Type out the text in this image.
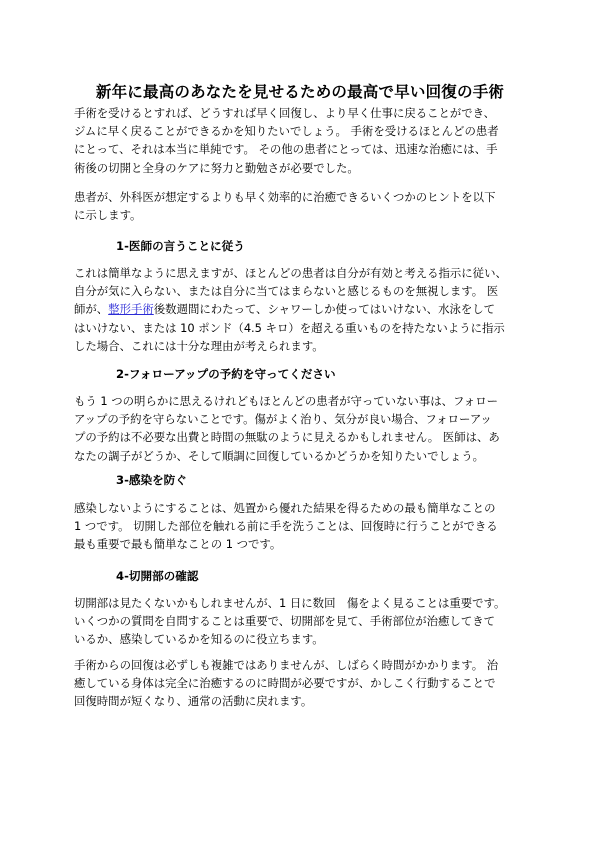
新年に最高のあなたを見せるための最高で早い回復の手術

手術を受けるとすれば、どうすれば早く回復し、より早く仕事に戻ることができ、
ジムに早く戻ることができるかを知りたいでしょう。 手術を受けるほとんどの患者
にとって、それは本当に単純です。 その他の患者にとっては、迅速な治癒には、手
術後の切開と全身のケアに努力と勤勉さが必要でした。

患者が、外科医が想定するよりも早く効率的に治癒できるいくつかのヒントを以下
に示します。

1-医師の言うことに従う

これは簡単なように思えますが、ほとんどの患者は自分が有効と考える指示に従い、
自分が気に入らない、または自分に当てはまらないと感じるものを無視します。 医
師が、整形手術後数週間にわたって、シャワーしか使ってはいけない、水泳をして
はいけない、または 10 ポンド（4.5 キロ）を超える重いものを持たないように指示
した場合、これには十分な理由が考えられます。

2-フォローアップの予約を守ってください

もう 1 つの明らかに思えるけれどもほとんどの患者が守っていない事は、フォロー
アップの予約を守らないことです。傷がよく治り、気分が良い場合、フォローアッ
プの予約は不必要な出費と時間の無駄のように見えるかもしれません。 医師は、あ
なたの調子がどうか、そして順調に回復しているかどうかを知りたいでしょう。

3-感染を防ぐ

感染しないようにすることは、処置から優れた結果を得るための最も簡単なことの
1 つです。 切開した部位を触れる前に手を洗うことは、回復時に行うことができる
最も重要で最も簡単なことの 1 つです。

4-切開部の確認

切開部は見たくないかもしれませんが、1 日に数回　傷をよく見ることは重要です。
いくつかの質問を自問することは重要で、切開部を見て、手術部位が治癒してきて
いるか、感染しているかを知るのに役立ちます。

手術からの回復は必ずしも複雑ではありませんが、しばらく時間がかかります。 治
癒している身体は完全に治癒するのに時間が必要ですが、かしこく行動することで
回復時間が短くなり、通常の活動に戻れます。
